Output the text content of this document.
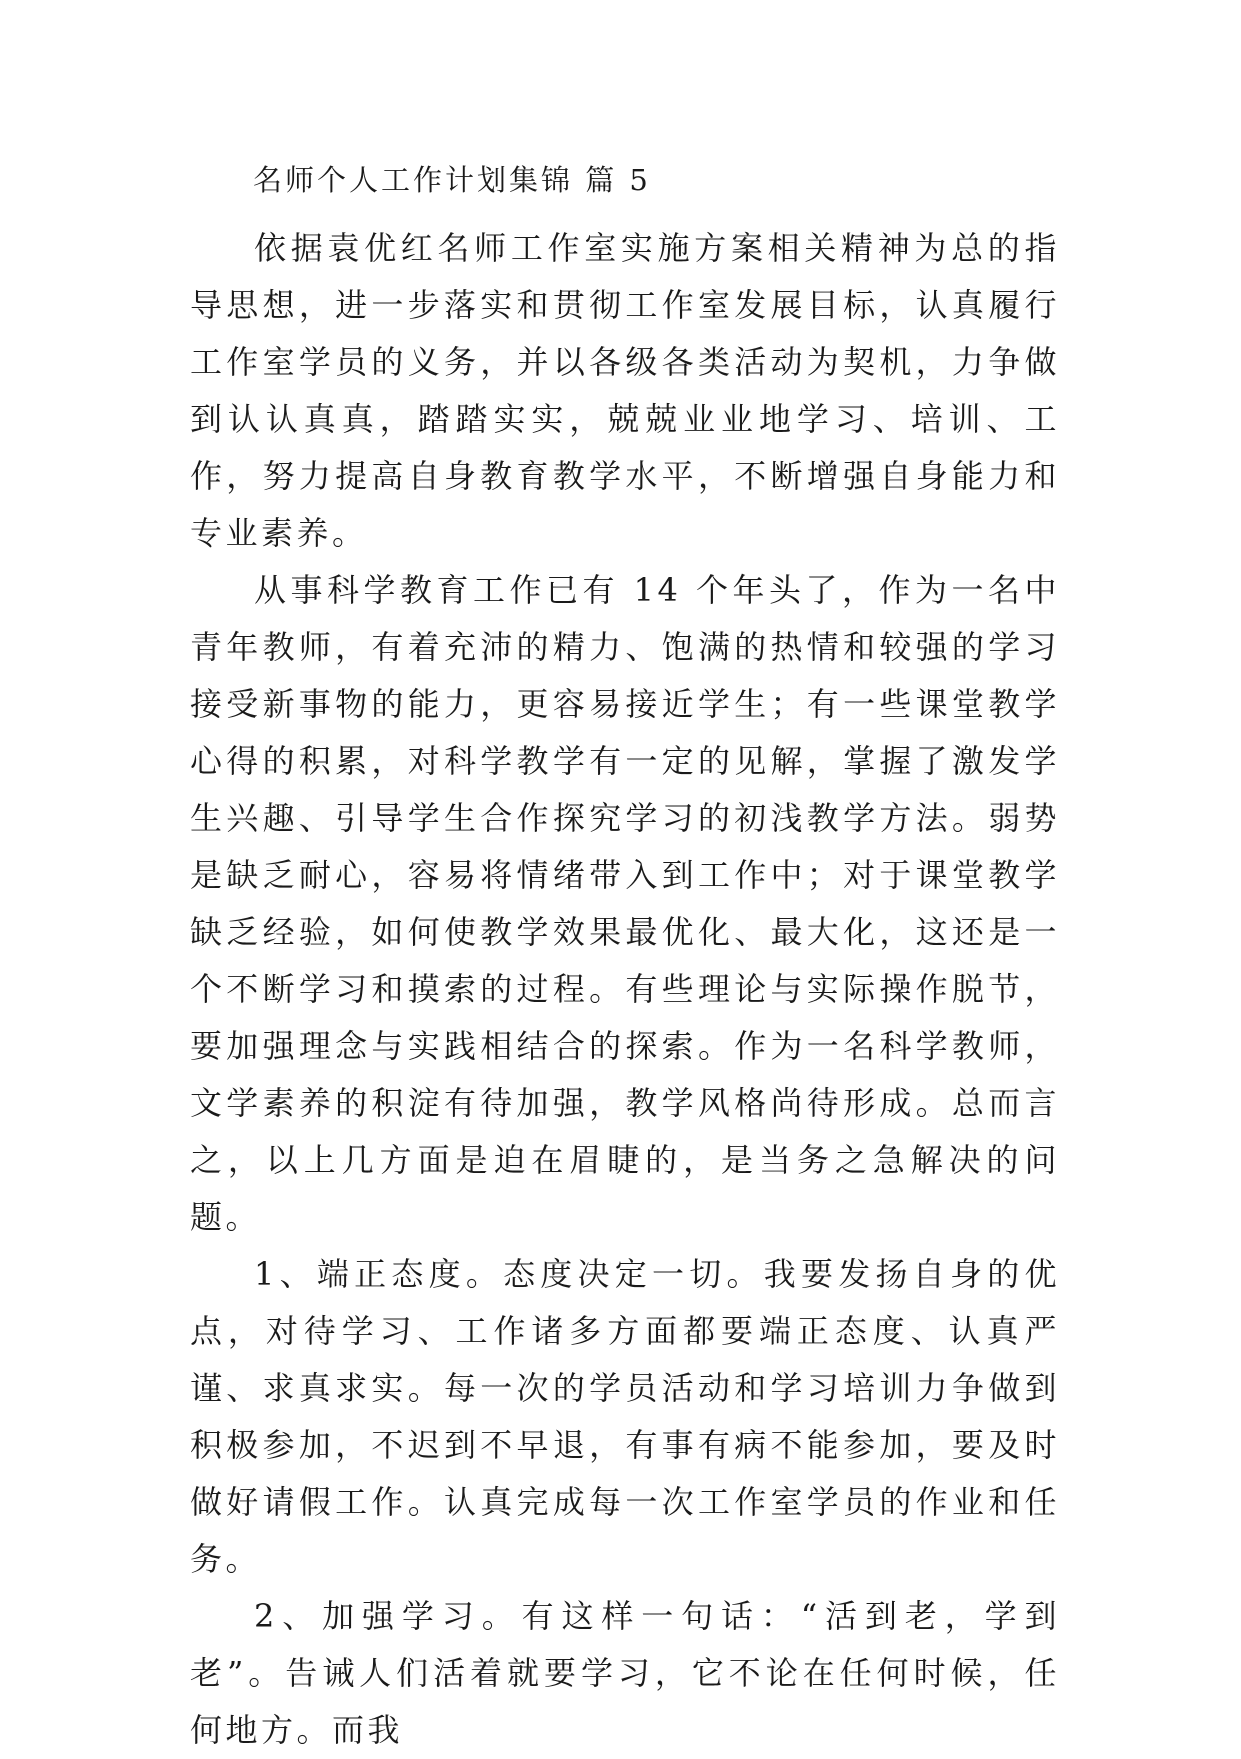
名师个人工作计划集锦 篇 5

依据袁优红名师工作室实施方案相关精神为总的指导思想，进一步落实和贯彻工作室发展目标，认真履行工作室学员的义务，并以各级各类活动为契机，力争做到认认真真，踏踏实实，兢兢业业地学习、培训、工作，努力提高自身教育教学水平，不断增强自身能力和专业素养。

从事科学教育工作已有 14 个年头了，作为一名中青年教师，有着充沛的精力、饱满的热情和较强的学习接受新事物的能力，更容易接近学生；有一些课堂教学心得的积累，对科学教学有一定的见解，掌握了激发学生兴趣、引导学生合作探究学习的初浅教学方法。弱势是缺乏耐心，容易将情绪带入到工作中；对于课堂教学缺乏经验，如何使教学效果最优化、最大化，这还是一个不断学习和摸索的过程。有些理论与实际操作脱节，要加强理念与实践相结合的探索。作为一名科学教师，文学素养的积淀有待加强，教学风格尚待形成。总而言之，以上几方面是迫在眉睫的，是当务之急解决的问题。

1、端正态度。态度决定一切。我要发扬自身的优点，对待学习、工作诸多方面都要端正态度、认真严谨、求真求实。每一次的学员活动和学习培训力争做到积极参加，不迟到不早退，有事有病不能参加，要及时做好请假工作。认真完成每一次工作室学员的作业和任务。

2、加强学习。有这样一句话：“活到老，学到老”。告诫人们活着就要学习，它不论在任何时候，任何地方。而我
